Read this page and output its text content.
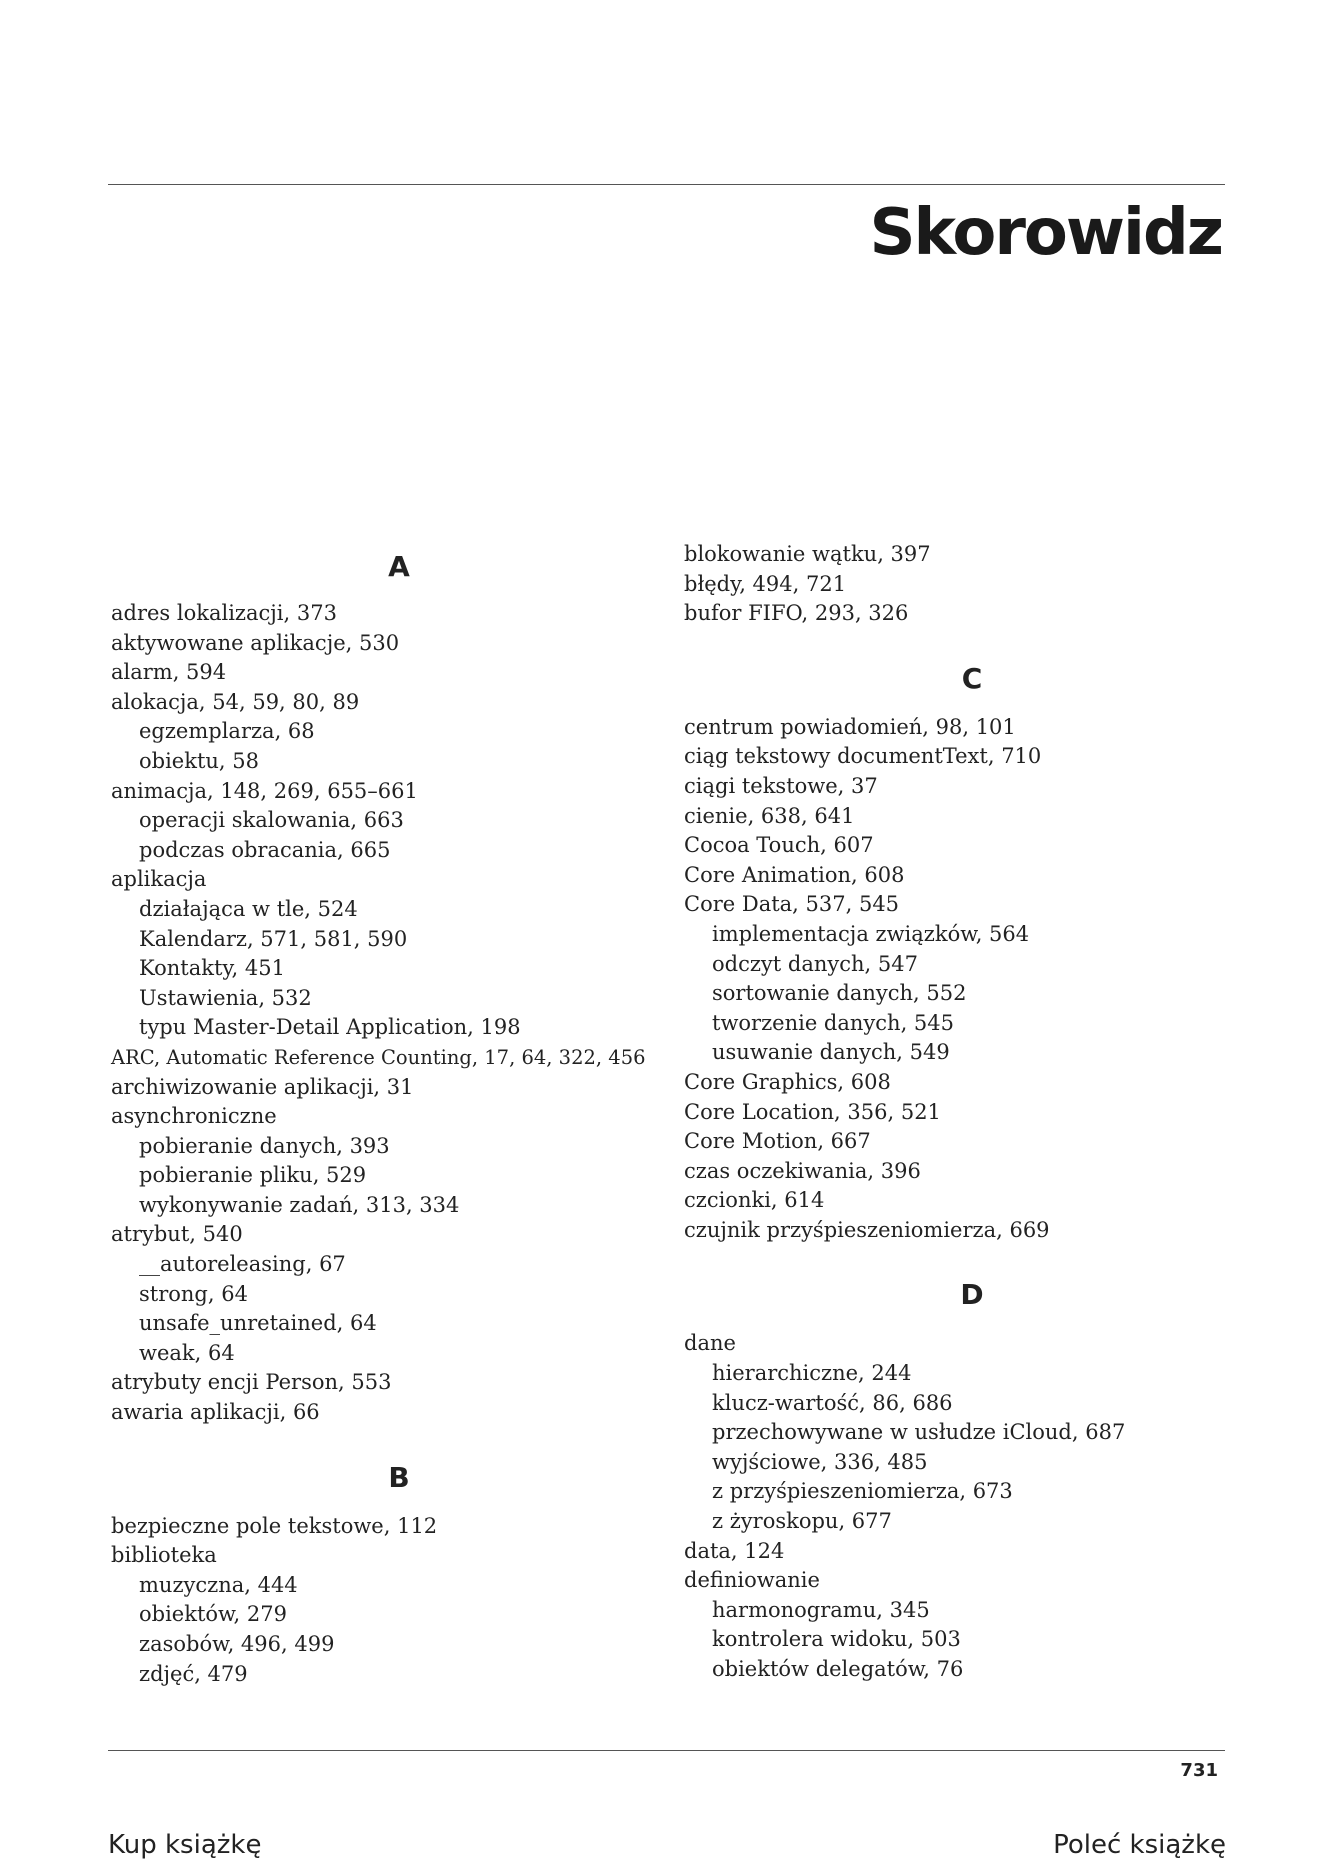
Skorowidz
A
adres lokalizacji, 373
aktywowane aplikacje, 530
alarm, 594
alokacja, 54, 59, 80, 89
egzemplarza, 68
obiektu, 58
animacja, 148, 269, 655–661
operacji skalowania, 663
podczas obracania, 665
aplikacja
działająca w tle, 524
Kalendarz, 571, 581, 590
Kontakty, 451
Ustawienia, 532
typu Master-Detail Application, 198
ARC, Automatic Reference Counting, 17, 64, 322, 456
archiwizowanie aplikacji, 31
asynchroniczne
pobieranie danych, 393
pobieranie pliku, 529
wykonywanie zadań, 313, 334
atrybut, 540
__autoreleasing, 67
strong, 64
unsafe_unretained, 64
weak, 64
atrybuty encji Person, 553
awaria aplikacji, 66
B
bezpieczne pole tekstowe, 112
biblioteka
muzyczna, 444
obiektów, 279
zasobów, 496, 499
zdjęć, 479
blokowanie wątku, 397
błędy, 494, 721
bufor FIFO, 293, 326
C
centrum powiadomień, 98, 101
ciąg tekstowy documentText, 710
ciągi tekstowe, 37
cienie, 638, 641
Cocoa Touch, 607
Core Animation, 608
Core Data, 537, 545
implementacja związków, 564
odczyt danych, 547
sortowanie danych, 552
tworzenie danych, 545
usuwanie danych, 549
Core Graphics, 608
Core Location, 356, 521
Core Motion, 667
czas oczekiwania, 396
czcionki, 614
czujnik przyśpieszeniomierza, 669
D
dane
hierarchiczne, 244
klucz-wartość, 86, 686
przechowywane w usłudze iCloud, 687
wyjściowe, 336, 485
z przyśpieszeniomierza, 673
z żyroskopu, 677
data, 124
definiowanie
harmonogramu, 345
kontrolera widoku, 503
obiektów delegatów, 76
731
Kup książkę	Poleć książkę
